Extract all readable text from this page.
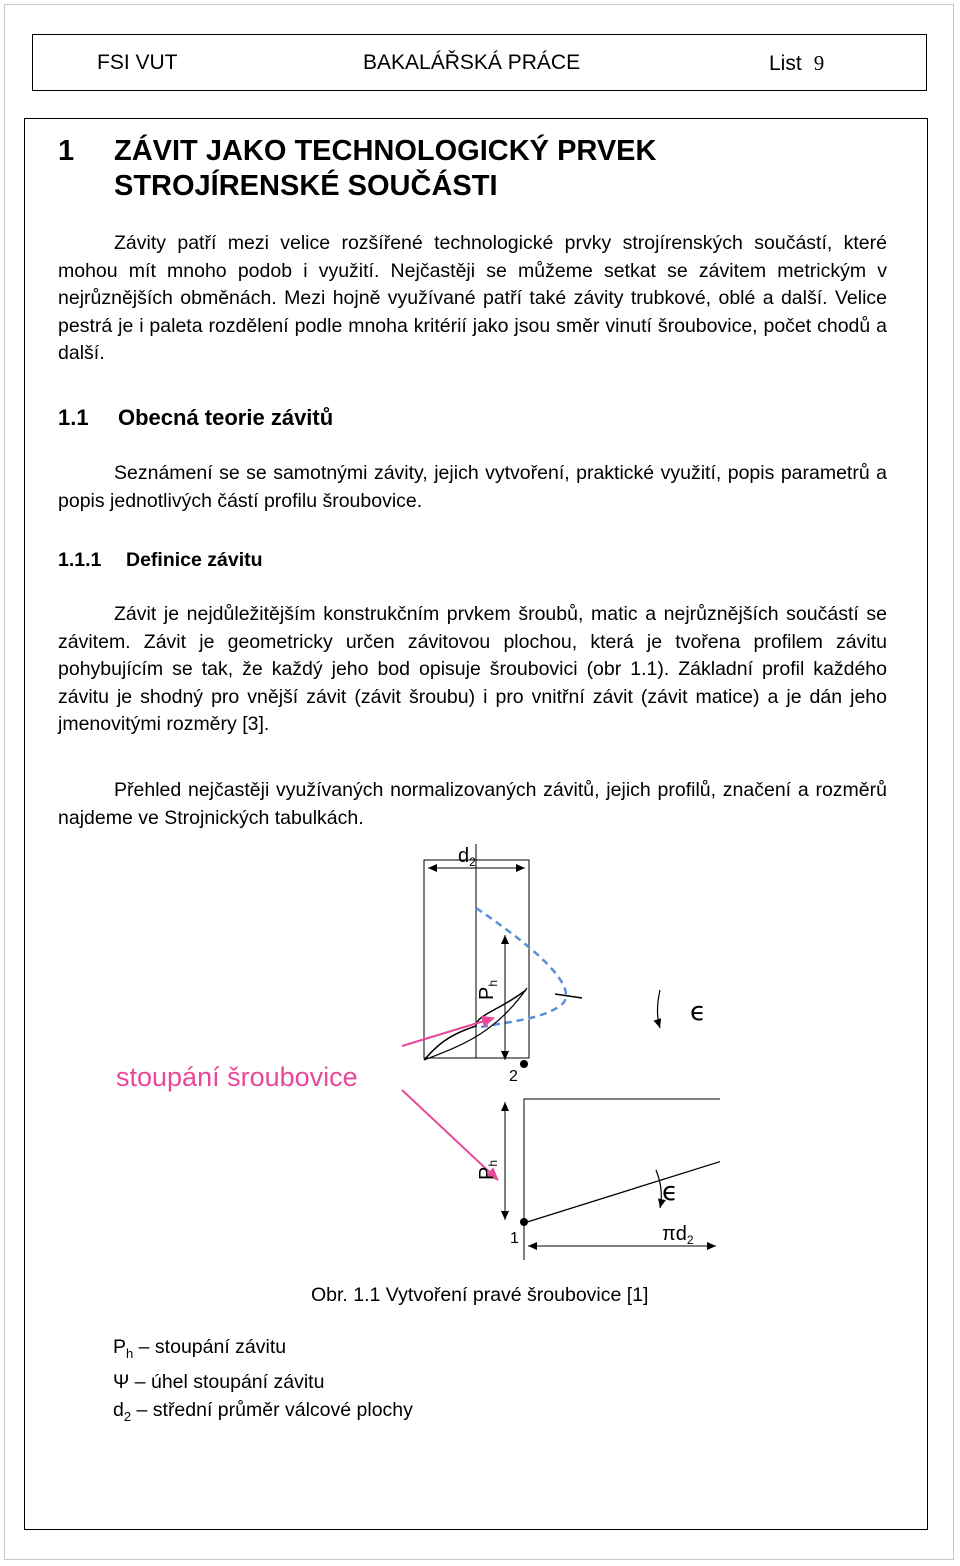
FSI VUT	BAKALÁŘSKÁ PRÁCE	List 9
1 ZÁVIT JAKO TECHNOLOGICKÝ PRVEK
STROJÍRENSKÉ SOUČÁSTI

Závity patří mezi velice rozšířené technologické prvky strojírenských součástí, které mohou mít mnoho podob i využití. Nejčastěji se můžeme setkat se závitem metrickým v nejrůznějších obměnách. Mezi hojně využívané patří také závity trubkové, oblé a další. Velice pestrá je i paleta rozdělení podle mnoha kritérií jako jsou směr vinutí šroubovice, počet chodů a další.

1.1 Obecná teorie závitů

Seznámení se se samotnými závity, jejich vytvoření, praktické využití, popis parametrů a popis jednotlivých částí profilu šroubovice.

1.1.1 Definice závitu

Závit je nejdůležitějším konstrukčním prvkem šroubů, matic a nejrůznějších součástí se závitem. Závit je geometricky určen závitovou plochou, která je tvořena profilem závitu pohybujícím se tak, že každý jeho bod opisuje šroubovici (obr 1.1). Základní profil každého závitu je shodný pro vnější závit (závit šroubu) i pro vnitřní závit (závit matice) a je dán jeho jmenovitými rozměry [3].

Přehled nejčastěji využívaných normalizovaných závitů, jejich profilů, značení a rozměrů najdeme ve Strojnických tabulkách.

$d_2$
ϵ
$P_h$
2
stoupání šroubovice
$P_h$
1
ϵ
$\pi d_2$
Obr. 1.1 Vytvoření pravé šroubovice [1]
$P_h$ – stoupání závitu
Ψ – úhel stoupání závitu
$d_2$ – střední průměr válcové plochy
